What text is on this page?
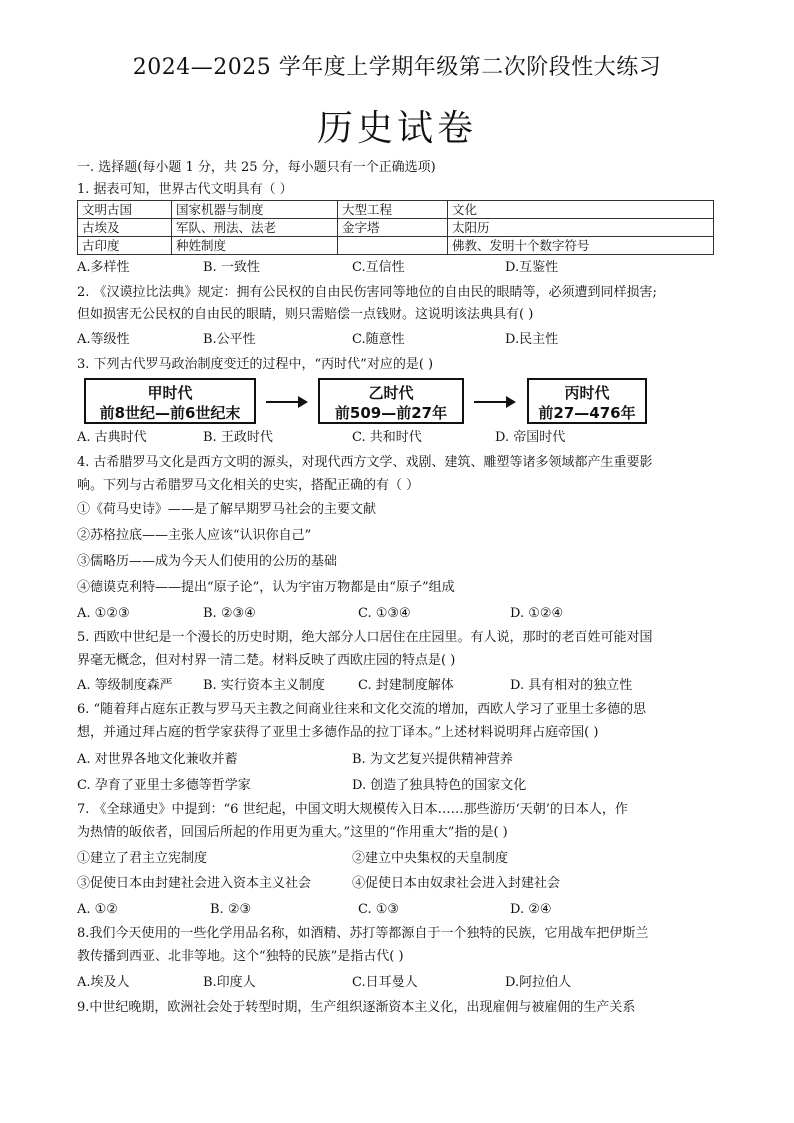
2024—2025 学年度上学期年级第二次阶段性大练习
历史试卷
一. 选择题(每小题 1 分，共 25 分，每小题只有一个正确选项)
1. 据表可知，世界古代文明具有（ ）
文明古国	国家机器与制度	大型工程	文化
古埃及	军队、刑法、法老	金字塔	太阳历
古印度	种姓制度		佛教、发明十个数字符号
A.多样性	B. 一致性	C.互信性	D.互鉴性
2. 《汉谟拉比法典》规定：拥有公民权的自由民伤害同等地位的自由民的眼睛等，必须遭到同样损害;
但如损害无公民权的自由民的眼睛，则只需赔偿一点钱财。这说明该法典具有( )
A.等级性	B.公平性	C.随意性	D.民主性
3. 下列古代罗马政治制度变迁的过程中，“丙时代”对应的是( )
甲时代
前8世纪—前6世纪末
乙时代
前509—前27年
丙时代
前27—476年
A. 古典时代	B. 王政时代	C. 共和时代	D. 帝国时代
4. 古希腊罗马文化是西方文明的源头，对现代西方文学、戏剧、建筑、雕塑等诸多领域都产生重要影
响。下列与古希腊罗马文化相关的史实，搭配正确的有（ ）
①《荷马史诗》——是了解早期罗马社会的主要文献
②苏格拉底——主张人应该“认识你自己”
③儒略历——成为今天人们使用的公历的基础
④德谟克利特——提出“原子论”，认为宇宙万物都是由“原子”组成
A. ①②③	B. ②③④	C. ①③④	D. ①②④
5. 西欧中世纪是一个漫长的历史时期，绝大部分人口居住在庄园里。有人说，那时的老百姓可能对国
界毫无概念，但对村界一清二楚。材料反映了西欧庄园的特点是( )
A. 等级制度森严 B. 实行资本主义制度	C. 封建制度解体	D. 具有相对的独立性
6. “随着拜占庭东正教与罗马天主教之间商业往来和文化交流的增加，西欧人学习了亚里士多德的思
想，并通过拜占庭的哲学家获得了亚里士多德作品的拉丁译本。”上述材料说明拜占庭帝国( )
A. 对世界各地文化兼收并蓄	B. 为文艺复兴提供精神营养
C. 孕育了亚里士多德等哲学家	D. 创造了独具特色的国家文化
7. 《全球通史》中提到：“6 世纪起，中国文明大规模传入日本……那些游历‘天朝’的日本人，作
为热情的皈依者，回国后所起的作用更为重大。”这里的“作用重大”指的是( )
①建立了君主立宪制度	②建立中央集权的天皇制度
③促使日本由封建社会进入资本主义社会	④促使日本由奴隶社会进入封建社会
A. ①②	B. ②③	C. ①③	D. ②④
8.我们今天使用的一些化学用品名称，如酒精、苏打等都源自于一个独特的民族，它用战车把伊斯兰
教传播到西亚、北非等地。这个“独特的民族”是指古代( )
A.埃及人	B.印度人	C.日耳曼人	D.阿拉伯人
9.中世纪晚期，欧洲社会处于转型时期，生产组织逐渐资本主义化，出现雇佣与被雇佣的生产关系
